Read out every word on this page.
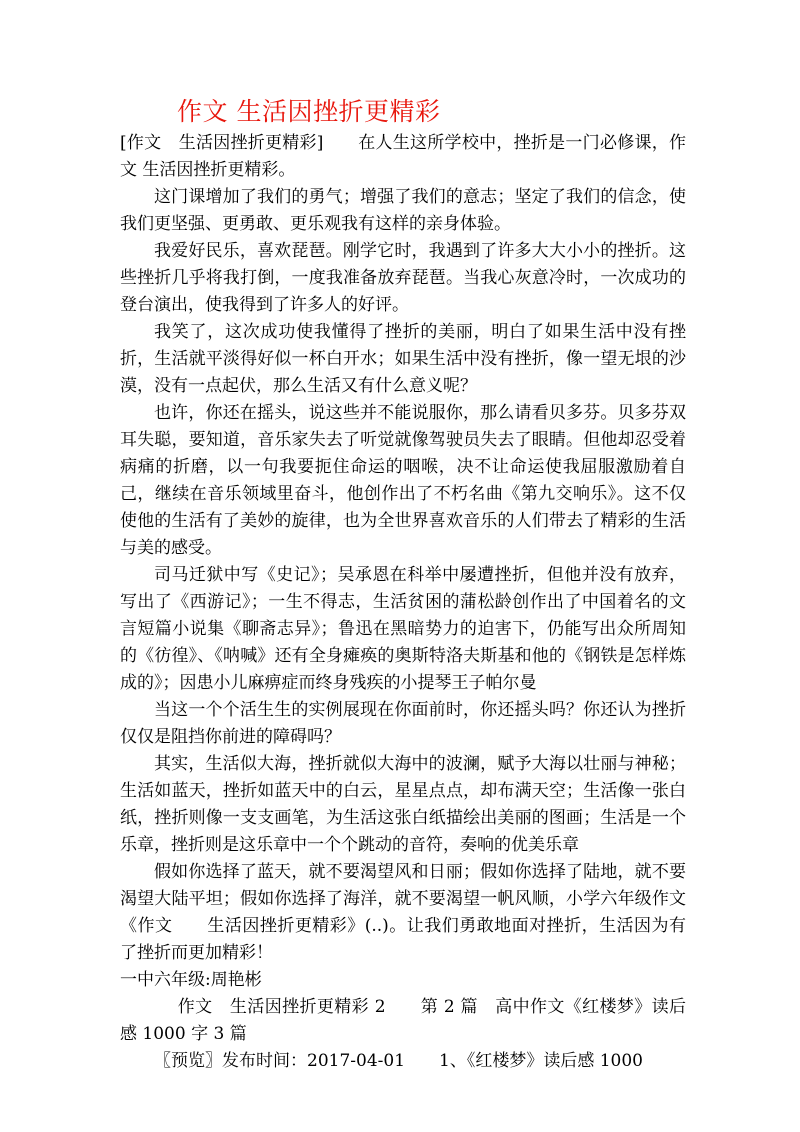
作文 生活因挫折更精彩

[作文　生活因挫折更精彩]　　在人生这所学校中，挫折是一门必修课，作文 生活因挫折更精彩。

这门课增加了我们的勇气；增强了我们的意志；坚定了我们的信念，使我们更坚强、更勇敢、更乐观我有这样的亲身体验。

我爱好民乐，喜欢琵琶。刚学它时，我遇到了许多大大小小的挫折。这些挫折几乎将我打倒，一度我准备放弃琵琶。当我心灰意冷时，一次成功的登台演出，使我得到了许多人的好评。

我笑了，这次成功使我懂得了挫折的美丽，明白了如果生活中没有挫折，生活就平淡得好似一杯白开水；如果生活中没有挫折，像一望无垠的沙漠，没有一点起伏，那么生活又有什么意义呢？

也许，你还在摇头，说这些并不能说服你，那么请看贝多芬。贝多芬双耳失聪，要知道，音乐家失去了听觉就像驾驶员失去了眼睛。但他却忍受着病痛的折磨，以一句我要扼住命运的咽喉，决不让命运使我屈服激励着自己，继续在音乐领域里奋斗，他创作出了不朽名曲《第九交响乐》。这不仅使他的生活有了美妙的旋律，也为全世界喜欢音乐的人们带去了精彩的生活与美的感受。

司马迁狱中写《史记》；吴承恩在科举中屡遭挫折，但他并没有放弃，写出了《西游记》；一生不得志，生活贫困的蒲松龄创作出了中国着名的文言短篇小说集《聊斋志异》；鲁迅在黑暗势力的迫害下，仍能写出众所周知的《彷徨》、《呐喊》还有全身瘫痪的奥斯特洛夫斯基和他的《钢铁是怎样炼成的》；因患小儿麻痹症而终身残疾的小提琴王子帕尔曼

当这一个个活生生的实例展现在你面前时，你还摇头吗？你还认为挫折仅仅是阻挡你前进的障碍吗？

其实，生活似大海，挫折就似大海中的波澜，赋予大海以壮丽与神秘；生活如蓝天，挫折如蓝天中的白云，星星点点，却布满天空；生活像一张白纸，挫折则像一支支画笔，为生活这张白纸描绘出美丽的图画；生活是一个乐章，挫折则是这乐章中一个个跳动的音符，奏响的优美乐章

假如你选择了蓝天，就不要渴望风和日丽；假如你选择了陆地，就不要渴望大陆平坦；假如你选择了海洋，就不要渴望一帆风顺，小学六年级作文《作文　　生活因挫折更精彩》(..)。让我们勇敢地面对挫折，生活因为有了挫折而更加精彩！

一中六年级:周艳彬

作文　生活因挫折更精彩 2　　第 2 篇　高中作文《红楼梦》读后感 1000 字 3 篇

〖预览〗发布时间：2017-04-01　　1、《红楼梦》读后感 1000
